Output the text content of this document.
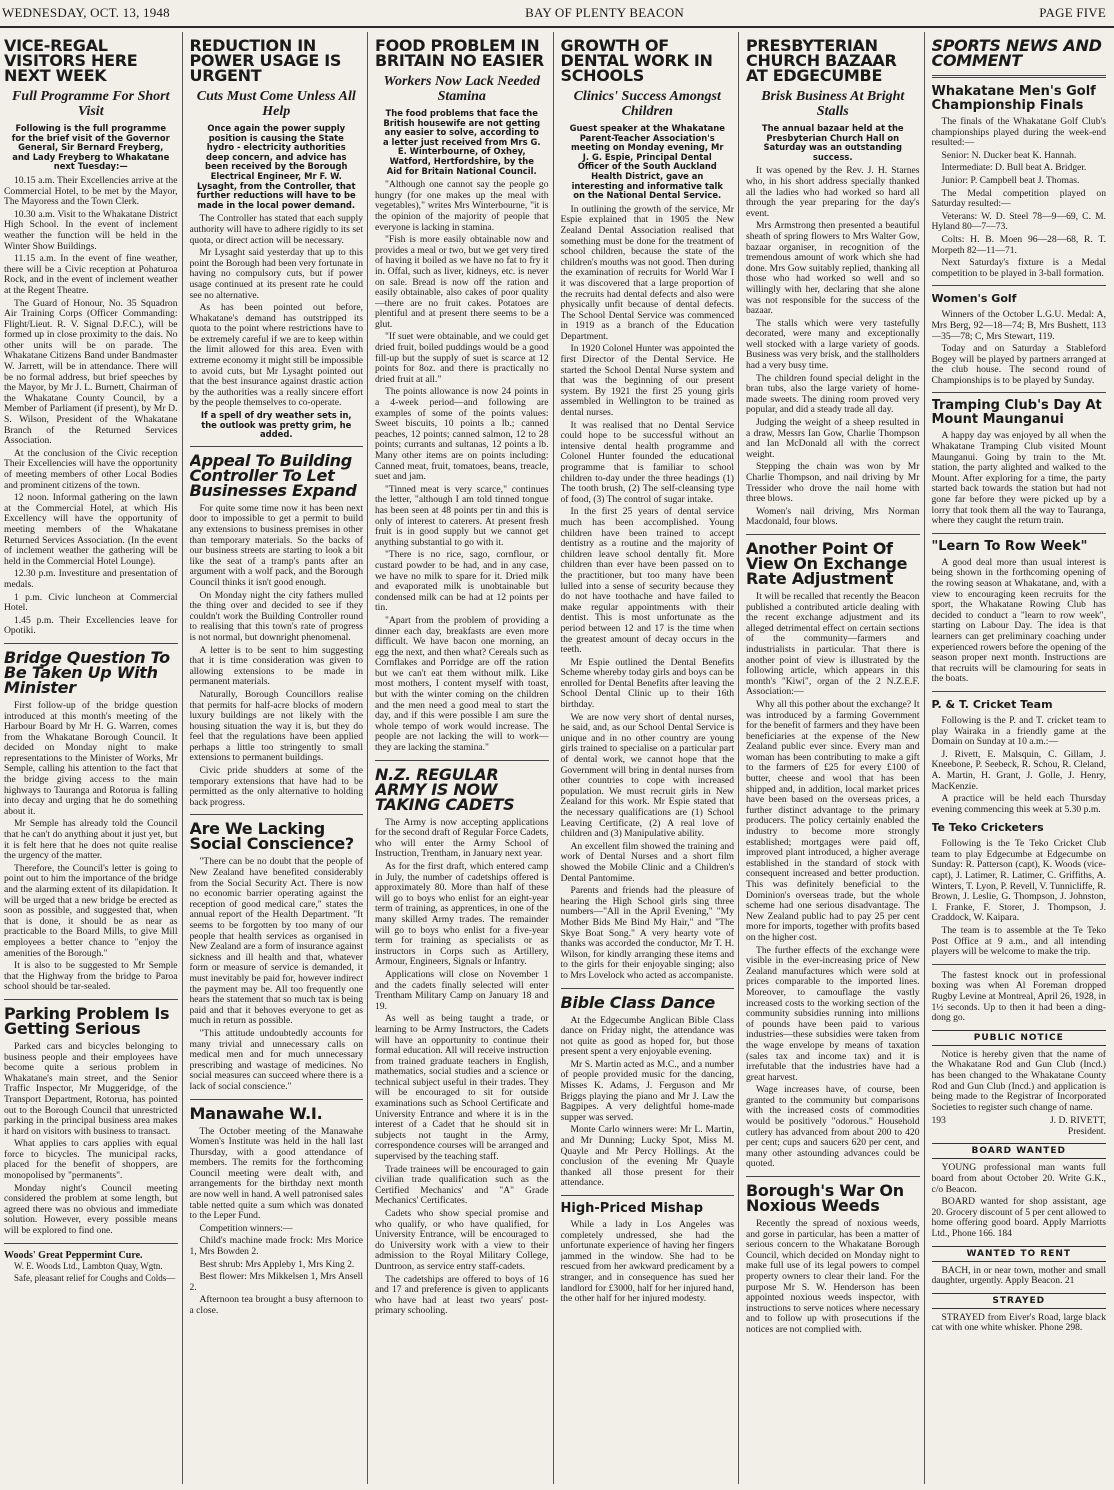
WEDNESDAY, OCT. 13, 1948	BAY OF PLENTY BEACON	PAGE FIVE
VICE-REGAL VISITORS HERE NEXT WEEK
Full Programme For Short Visit
Following is the full programme for the brief visit of the Governor General, Sir Bernard Freyberg, and Lady Freyberg to Whakatane next Tuesday:—

10.15 a.m. Their Excellencies arrive at the Commercial Hotel, to be met by the Mayor, The Mayoress and the Town Clerk.

10.30 a.m. Visit to the Whakatane District High School. In the event of inclement weather the function will be held in the Winter Show Buildings.

11.15 a.m. In the event of fine weather, there will be a Civic reception at Pohaturoa Rock, and in the event of inclement weather at the Regent Theatre.

The Guard of Honour, No. 35 Squadron Air Training Corps (Officer Commanding: Flight/Lieut. R. V. Signal D.F.C.), will be formed up in close proximity to the dais. No other units will be on parade. The Whakatane Citizens Band under Bandmaster W. Jarrett, will be in attendance. There will be no formal address, but brief speeches by the Mayor, by Mr J. L. Burnett, Chairman of the Whakatane County Council, by a Member of Parliament (if present), by Mr D. S. Wilson, President of the Whakatane Branch of the Returned Services Association.

At the conclusion of the Civic reception Their Excellencies will have the opportunity of meeting members of other Local Bodies and prominent citizens of the town.

12 noon. Informal gathering on the lawn at the Commercial Hotel, at which His Excellency will have the opportunity of meeting members of the Whakatane Returned Services Association. (In the event of inclement weather the gathering will be held in the Commercial Hotel Lounge).

12.30 p.m. Investiture and presentation of medals.

1 p.m. Civic luncheon at Commercial Hotel.

1.45 p.m. Their Excellencies leave for Opotiki.

Bridge Question To Be Taken Up With Minister

First follow-up of the bridge question introduced at this month's meeting of the Harbour Board by Mr H. G. Warren, comes from the Whakatane Borough Council. It decided on Monday night to make representations to the Minister of Works, Mr Semple, calling his attention to the fact that the bridge giving access to the main highways to Tauranga and Rotorua is falling into decay and urging that he do something about it.

Mr Semple has already told the Council that he can't do anything about it just yet, but it is felt here that he does not quite realise the urgency of the matter.

Therefore, the Council's letter is going to point out to him the importance of the bridge and the alarming extent of its dilapidation. It will be urged that a new bridge be erected as soon as possible, and suggested that, when that is done, it should be as near as practicable to the Board Mills, to give Mill employees a better chance to "enjoy the amenities of the Borough."

It is also to be suggested to Mr Semple that the Highway from the bridge to Paroa school should be tar-sealed.

Parking Problem Is Getting Serious

Parked cars and bicycles belonging to business people and their employees have become quite a serious problem in Whakatane's main street, and the Senior Traffic Inspector, Mr Muggeridge, of the Transport Department, Rotorua, has pointed out to the Borough Council that unrestricted parking in the principal business area makes it hard on visitors with business to transact.

What applies to cars applies with equal force to bicycles. The municipal racks, placed for the benefit of shoppers, are monopolised by "permanents".

Monday night's Council meeting considered the problem at some length, but agreed there was no obvious and immediate solution. However, every possible means will be explored to find one.

Woods' Great Peppermint Cure.

W. E. Woods Ltd., Lambton Quay, Wgtn.

Safe, pleasant relief for Coughs and Colds—

REDUCTION IN POWER USAGE IS URGENT
Cuts Must Come Unless All Help
Once again the power supply position is causing the State hydro - electricity authorities deep concern, and advice has been received by the Borough Electrical Engineer, Mr F. W. Lysaght, from the Controller, that further reductions will have to be made in the local power demand.

The Controller has stated that each supply authority will have to adhere rigidly to its set quota, or direct action will be necessary.

Mr Lysaght said yesterday that up to this point the Borough had been very fortunate in having no compulsory cuts, but if power usage continued at its present rate he could see no alternative.

As has been pointed out before, Whakatane's demand has outstripped its quota to the point where restrictions have to be extremely careful if we are to keep within the limit allowed for this area. Even with extreme economy it might still be impossible to avoid cuts, but Mr Lysaght pointed out that the best insurance against drastic action by the authorities was a really sincere effort by the people themselves to co-operate.

If a spell of dry weather sets in, the outlook was pretty grim, he added.
Appeal To Building Controller To Let Businesses Expand

For quite some time now it has been next door to impossible to get a permit to build any extensions to business premises in other than temporary materials. So the backs of our business streets are starting to look a bit like the seat of a tramp's pants after an argument with a wolf pack, and the Borough Council thinks it isn't good enough.

On Monday night the city fathers mulled the thing over and decided to see if they couldn't work the Building Controller round to realising that this town's rate of progress is not normal, but downright phenomenal.

A letter is to be sent to him suggesting that it is time consideration was given to allowing extensions to be made in permanent materials.

Naturally, Borough Councillors realise that permits for half-acre blocks of modern luxury buildings are not likely with the housing situation the way it is, but they do feel that the regulations have been applied perhaps a little too stringently to small extensions to permanent buildings.

Civic pride shudders at some of the temporary extensions that have had to be permitted as the only alternative to holding back progress.

Are We Lacking Social Conscience?

"There can be no doubt that the people of New Zealand have benefited considerably from the Social Security Act. There is now no economic barrier operating against the reception of good medical care," states the annual report of the Health Department. "It seems to be forgotten by too many of our people that health services as organised in New Zealand are a form of insurance against sickness and ill health and that, whatever form or measure of service is demanded, it must inevitably be paid for, however indirect the payment may be. All too frequently one hears the statement that so much tax is being paid and that it behoves everyone to get as much in return as possible.

"This attitude undoubtedly accounts for many trivial and unnecessary calls on medical men and for much unnecessary prescribing and wastage of medicines. No social measures can succeed where there is a lack of social conscience."

Manawahe W.I.

The October meeting of the Manawahe Women's Institute was held in the hall last Thursday, with a good attendance of members. The remits for the forthcoming Council meeting were dealt with, and arrangements for the birthday next month are now well in hand. A well patronised sales table netted quite a sum which was donated to the Leper Fund.

Competition winners:—

Child's machine made frock: Mrs Morice 1, Mrs Bowden 2.

Best shrub: Mrs Appleby 1, Mrs King 2.

Best flower: Mrs Mikkelsen 1, Mrs Ansell 2.

Afternoon tea brought a busy afternoon to a close.

FOOD PROBLEM IN BRITAIN NO EASIER
Workers Now Lack Needed Stamina
The food problems that face the British housewife are not getting any easier to solve, according to a letter just received from Mrs G. E. Winterbourne, of Oxhey, Watford, Hertfordshire, by the Aid for Britain National Council.

"Although one cannot say the people go hungry (for one makes up the meal with vegetables)," writes Mrs Winterbourne, "it is the opinion of the majority of people that everyone is lacking in stamina.

"Fish is more easily obtainable now and provides a meal or two, but we get very tired of having it boiled as we have no fat to fry it in. Offal, such as liver, kidneys, etc. is never on sale. Bread is now off the ration and easily obtainable, also cakes of poor quality—there are no fruit cakes. Potatoes are plentiful and at present there seems to be a glut.

"If suet were obtainable, and we could get dried fruit, boiled puddings would be a good fill-up but the supply of suet is scarce at 12 points for 8oz. and there is practically no dried fruit at all."

The points allowance is now 24 points in a 4-week period—and following are examples of some of the points values: Sweet biscuits, 10 points a lb.; canned peaches, 12 points; canned salmon, 12 to 28 points; currants and sultanas, 12 points a lb. Many other items are on points including: Canned meat, fruit, tomatoes, beans, treacle, suet and jam.

"Tinned meat is very scarce," continues the letter, "although I am told tinned tongue has been seen at 48 points per tin and this is only of interest to caterers. At present fresh fruit is in good supply but we cannot get anything substantial to go with it.

"There is no rice, sago, cornflour, or custard powder to be had, and in any case, we have no milk to spare for it. Dried milk and evaporated milk is unobtainable but condensed milk can be had at 12 points per tin.

"Apart from the problem of providing a dinner each day, breakfasts are even more difficult. We have bacon one morning, an egg the next, and then what? Cereals such as Cornflakes and Porridge are off the ration but we can't eat them without milk. Like most mothers, I content myself with toast, but with the winter coming on the children and the men need a good meal to start the day, and if this were possible I am sure the whole tempo of work would increase. The people are not lacking the will to work—they are lacking the stamina."

N.Z. REGULAR ARMY IS NOW TAKING CADETS

The Army is now accepting applications for the second draft of Regular Force Cadets, who will enter the Army School of Instruction, Trentham, in January next year.

As for the first draft, which entered camp in July, the number of cadetships offered is approximately 80. More than half of these will go to boys who enlist for an eight-year term of training, as apprentices, in one of the many skilled Army trades. The remainder will go to boys who enlist for a five-year term for training as specialists or as instructors in Corps such as Artillery, Armour, Engineers, Signals or Infantry.

Applications will close on November 1 and the cadets finally selected will enter Trentham Military Camp on January 18 and 19.

As well as being taught a trade, or learning to be Army Instructors, the Cadets will have an opportunity to continue their formal education. All will receive instruction from trained graduate teachers in English, mathematics, social studies and a science or technical subject useful in their trades. They will be encouraged to sit for outside examinations such as School Certificate and University Entrance and where it is in the interest of a Cadet that he should sit in subjects not taught in the Army, correspondence courses will be arranged and supervised by the teaching staff.

Trade trainees will be encouraged to gain civilian trade qualification such as the Certified Mechanics' and "A" Grade Mechanics' Certificates.

Cadets who show special promise and who qualify, or who have qualified, for University Entrance, will be encouraged to do University work with a view to their admission to the Royal Military College, Duntroon, as service entry staff-cadets.

The cadetships are offered to boys of 16 and 17 and preference is given to applicants who have had at least two years' post-primary schooling.

GROWTH OF DENTAL WORK IN SCHOOLS
Clinics' Success Amongst Children
Guest speaker at the Whakatane Parent-Teacher Association's meeting on Monday evening, Mr J. G. Espie, Principal Dental Officer of the South Auckland Health District, gave an interesting and informative talk on the National Dental Service.

In outlining the growth of the service, Mr Espie explained that in 1905 the New Zealand Dental Association realised that something must be done for the treatment of school children, because the state of the children's mouths was not good. Then during the examination of recruits for World War I it was discovered that a large proportion of the recruits had dental defects and also were physically unfit because of dental defects. The School Dental Service was commenced in 1919 as a branch of the Education Department.

In 1920 Colonel Hunter was appointed the first Director of the Dental Service. He started the School Dental Nurse system and that was the beginning of our present system. By 1921 the first 25 young girls assembled in Wellington to be trained as dental nurses.

It was realised that no Dental Service could hope to be successful without an intensive dental health programme and Colonel Hunter founded the educational programme that is familiar to school children to-day under the three headings (1) The tooth brush, (2) The self-cleansing type of food, (3) The control of sugar intake.

In the first 25 years of dental service much has been accomplished. Young children have been trained to accept dentistry as a routine and the majority of children leave school dentally fit. More children than ever have been passed on to the practitioner, but too many have been lulled into a sense of security because they do not have toothache and have failed to make regular appointments with their dentist. This is most unfortunate as the period between 12 and 17 is the time when the greatest amount of decay occurs in the teeth.

Mr Espie outlined the Dental Benefits Scheme whereby today girls and boys can be enrolled for Dental Benefits after leaving the School Dental Clinic up to their 16th birthday.

We are now very short of dental nurses, he said, and, as our School Dental Service is unique and in no other country are young girls trained to specialise on a particular part of dental work, we cannot hope that the Government will bring in dental nurses from other countries to cope with increased population. We must recruit girls in New Zealand for this work. Mr Espie stated that the necessary qualifications are (1) School Leaving Certificate, (2) A real love of children and (3) Manipulative ability.

An excellent film showed the training and work of Dental Nurses and a short film showed the Mobile Clinic and a Children's Dental Pantomime.

Parents and friends had the pleasure of hearing the High School girls sing three numbers—"All in the April Evening," "My Mother Bids Me Bind My Hair," and "The Skye Boat Song." A very hearty vote of thanks was accorded the conductor, Mr T. H. Wilson, for kindly arranging these items and to the girls for their enjoyable singing; also to Mrs Lovelock who acted as accompaniste.

Bible Class Dance

At the Edgecumbe Anglican Bible Class dance on Friday night, the attendance was not quite as good as hoped for, but those present spent a very enjoyable evening.

Mr S. Martin acted as M.C., and a number of people provided music for the dancing, Misses K. Adams, J. Ferguson and Mr Briggs playing the piano and Mr J. Law the Bagpipes. A very delightful home-made supper was served.

Monte Carlo winners were: Mr L. Martin, and Mr Dunning; Lucky Spot, Miss M. Quayle and Mr Percy Hollings. At the conclusion of the evening Mr Quayle thanked all those present for their attendance.

High-Priced Mishap

While a lady in Los Angeles was completely undressed, she had the unfortunate experience of having her fingers jammed in the window. She had to be rescued from her awkward predicament by a stranger, and in consequence has sued her landlord for £3000, half for her injured hand, the other half for her injured modesty.

PRESBYTERIAN CHURCH BAZAAR AT EDGECUMBE
Brisk Business At Bright Stalls
The annual bazaar held at the Presbyterian Church Hall on Saturday was an outstanding success.

It was opened by the Rev. J. H. Starnes who, in his short address specially thanked all the ladies who had worked so hard all through the year preparing for the day's event.

Mrs Armstrong then presented a beautiful sheath of spring flowers to Mrs Walter Gow, bazaar organiser, in recognition of the tremendous amount of work which she had done. Mrs Gow suitably replied, thanking all those who had worked so well and so willingly with her, declaring that she alone was not responsible for the success of the bazaar.

The stalls which were very tastefully decorated, were many and exceptionally well stocked with a large variety of goods. Business was very brisk, and the stallholders had a very busy time.

The children found special delight in the bran tubs, also the large variety of home-made sweets. The dining room proved very popular, and did a steady trade all day.

Judging the weight of a sheep resulted in a draw, Messrs Ian Gow, Charlie Thompson and Ian McDonald all with the correct weight.

Stepping the chain was won by Mr Charlie Thompson, and nail driving by Mr Tressider who drove the nail home with three blows.

Women's nail driving, Mrs Norman Macdonald, four blows.

Another Point Of View On Exchange Rate Adjustment

It will be recalled that recently the Beacon published a contributed article dealing with the recent exchange adjustment and its alleged detrimental effect on certain sections of the community—farmers and industrialists in particular. That there is another point of view is illustrated by the following article, which appears in this month's "Kiwi", organ of the 2 N.Z.E.F. Association:—

Why all this pother about the exchange? It was introduced by a farming Government for the benefit of farmers and they have been beneficiaries at the expense of the New Zealand public ever since. Every man and woman has been contributing to make a gift to the farmers of £25 for every £100 of butter, cheese and wool that has been shipped and, in addition, local market prices have been based on the overseas prices, a further distinct advantage to the primary producers. The policy certainly enabled the industry to become more strongly established; mortgages were paid off, improved plant introduced, a higher average established in the standard of stock with consequent increased and better production. This was definitely beneficial to the Dominion's overseas trade, but the whole scheme had one serious disadvantage. The New Zealand public had to pay 25 per cent more for imports, together with profits based on the higher cost.

The further effects of the exchange were visible in the ever-increasing price of New Zealand manufactures which were sold at prices comparable to the imported lines. Moreover, to camouflage the vastly increased costs to the working section of the community subsidies running into millions of pounds have been paid to various industries—these subsidies were taken from the wage envelope by means of taxation (sales tax and income tax) and it is irrefutable that the industries have had a great harvest.

Wage increases have, of course, been granted to the community but comparisons with the increased costs of commodities would be positively "odorous." Household cutlery has advanced from about 200 to 420 per cent; cups and saucers 620 per cent, and many other astounding advances could be quoted.

Borough's War On Noxious Weeds

Recently the spread of noxious weeds, and gorse in particular, has been a matter of serious concern to the Whakatane Borough Council, which decided on Monday night to make full use of its legal powers to compel property owners to clear their land. For the purpose Mr S. W. Henderson has been appointed noxious weeds inspector, with instructions to serve notices where necessary and to follow up with prosecutions if the notices are not complied with.

SPORTS NEWS AND COMMENT
Whakatane Men's Golf Championship Finals

The finals of the Whakatane Golf Club's championships played during the week-end resulted:—

Senior: N. Ducker beat K. Hannah.

Intermediate: D. Bull beat A. Bridger.

Junior: P. Campbell beat J. Thomas.

The Medal competition played on Saturday resulted:—

Veterans: W. D. Steel 78—9—69, C. M. Hyland 80—7—73.

Colts: H. B. Moen 96—28—68, R. T. Morpeth 82—11—71.

Next Saturday's fixture is a Medal competition to be played in 3-ball formation.

Women's Golf

Winners of the October L.G.U. Medal: A, Mrs Berg, 92—18—74; B, Mrs Bushett, 113—35—78; C, Mrs Stewart, 119.

Today and on Saturday a Stableford Bogey will be played by partners arranged at the club house. The second round of Championships is to be played by Sunday.

Tramping Club's Day At Mount Maunganui

A happy day was enjoyed by all when the Whakatane Tramping Club visited Mount Maunganui. Going by train to the Mt. station, the party alighted and walked to the Mount. After exploring for a time, the party started back towards the station but had not gone far before they were picked up by a lorry that took them all the way to Tauranga, where they caught the return train.

"Learn To Row Week"

A good deal more than usual interest is being shown in the forthcoming opening of the rowing season at Whakatane, and, with a view to encouraging keen recruits for the sport, the Whakatane Rowing Club has decided to conduct a "learn to row week", starting on Labour Day. The idea is that learners can get preliminary coaching under experienced rowers before the opening of the season proper next month. Instructions are that recruits will be clamouring for seats in the boats.

P. & T. Cricket Team

Following is the P. and T. cricket team to play Wairaka in a friendly game at the Domain on Sunday at 10 a.m.:—

J. Rivett, E. Malsquin, C. Gillam, J. Kneebone, P. Seebeck, R. Schou, R. Cleland, A. Martin, H. Grant, J. Golle, J. Henry, MacKenzie.

A practice will be held each Thursday evening commencing this week at 5.30 p.m.

Te Teko Cricketers

Following is the Te Teko Cricket Club team to play Edgecumbe at Edgecumbe on Sunday: R. Patterson (capt), K. Woods (vice-capt), J. Latimer, R. Latimer, C. Griffiths, A. Winters, T. Lyon, P. Revell, V. Tunnicliffe, R. Brown, J. Leslie, G. Thompson, J. Johnston, I. Franke, F. Storer, J. Thompson, J. Craddock, W. Kaipara.

The team is to assemble at the Te Teko Post Office at 9 a.m., and all intending players will be welcome to make the trip.

The fastest knock out in professional boxing was when Al Foreman dropped Rugby Levine at Montreal, April 26, 1928, in 1½ seconds. Up to then it had been a ding-dong go.

PUBLIC NOTICE

Notice is hereby given that the name of the Whakatane Rod and Gun Club (Incd.) has been changed to the Whakatane County Rod and Gun Club (Incd.) and application is being made to the Registrar of Incorporated Societies to register such change of name.

193	J. D. RIVETT,
President.
BOARD WANTED

YOUNG professional man wants full board from about October 20. Write G.K., c/o Beacon.

BOARD wanted for shop assistant, age 20. Grocery discount of 5 per cent allowed to home offering good board. Apply Marriotts Ltd., Phone 166. 184

WANTED TO RENT

BACH, in or near town, mother and small daughter, urgently. Apply Beacon. 21

STRAYED

STRAYED from Eiver's Road, large black cat with one white whisker. Phone 298.
